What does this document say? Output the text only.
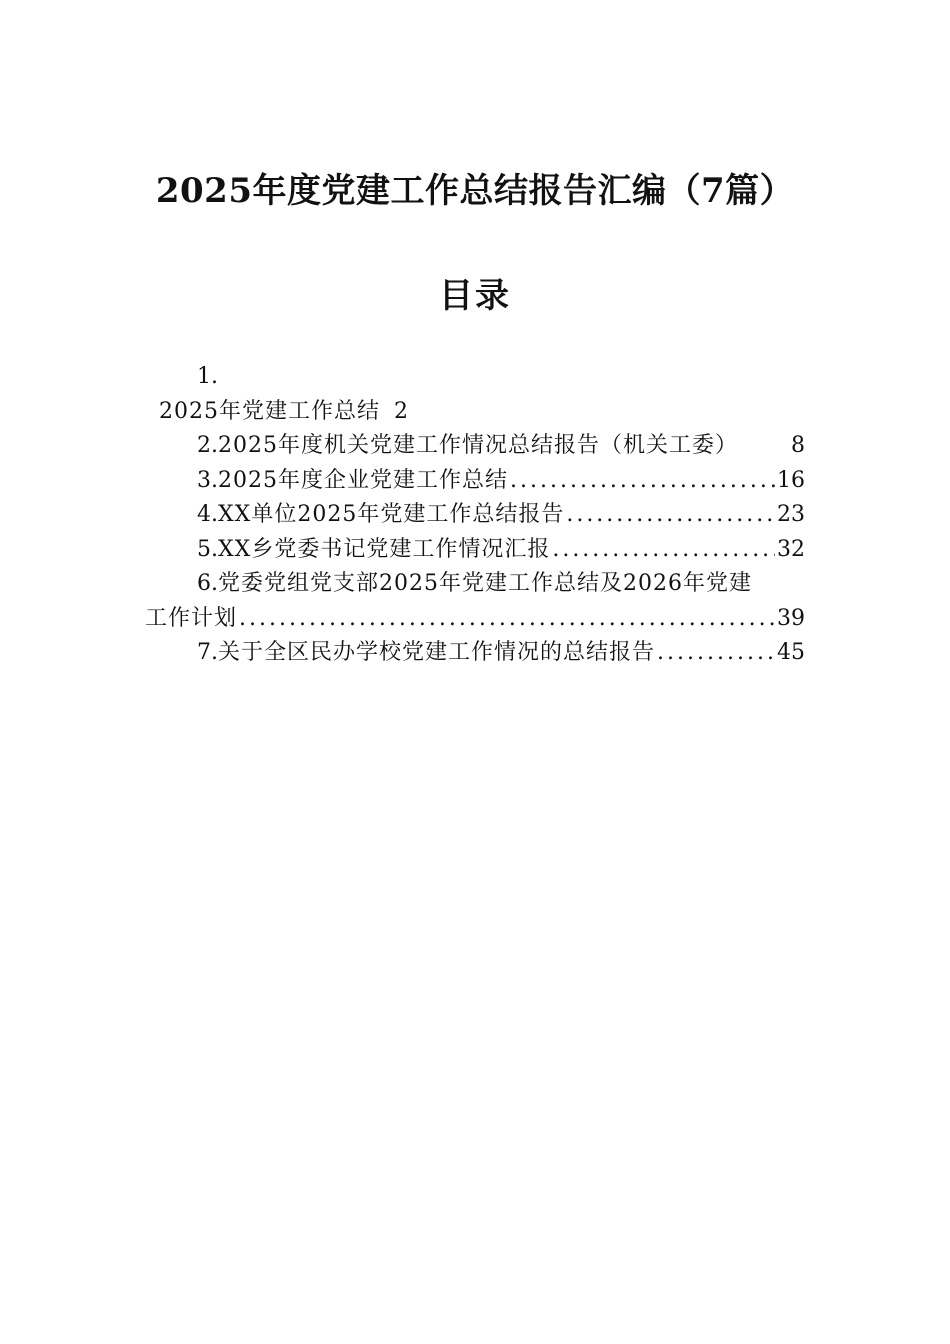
2025年度党建工作总结报告汇编（7篇）
目录
1.
2025年党建工作总结 2
2. 2025年度机关党建工作情况总结报告（机关工委） 8
3. 2025年度企业党建工作总结 .....	16
4. XX单位2025年党建工作总结报告 .....	23
5. XX乡党委书记党建工作情况汇报 .....	32
6. 党委党组党支部2025年党建工作总结及2026年党建
工作计划 .....	39
7. 关于全区民办学校党建工作情况的总结报告 .....	45
